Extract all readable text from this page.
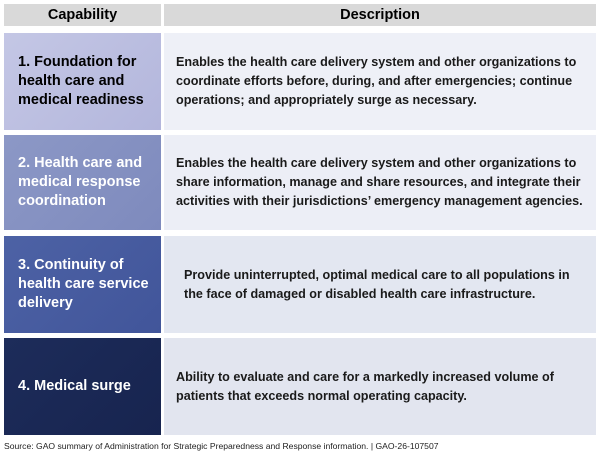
Capability	Description
1. Foundation for health care and medical readiness
Enables the health care delivery system and other organizations to coordinate efforts before, during, and after emergencies; continue operations; and appropriately surge as necessary.
2. Health care and medical response coordination
Enables the health care delivery system and other organizations to share information, manage and share resources, and integrate their activities with their jurisdictions’ emergency management agencies.
3. Continuity of health care service delivery
Provide uninterrupted, optimal medical care to all populations in the face of damaged or disabled health care infrastructure.
4. Medical surge
Ability to evaluate and care for a markedly increased volume of patients that exceeds normal operating capacity.
Source: GAO summary of Administration for Strategic Preparedness and Response information. | GAO-26-107507
